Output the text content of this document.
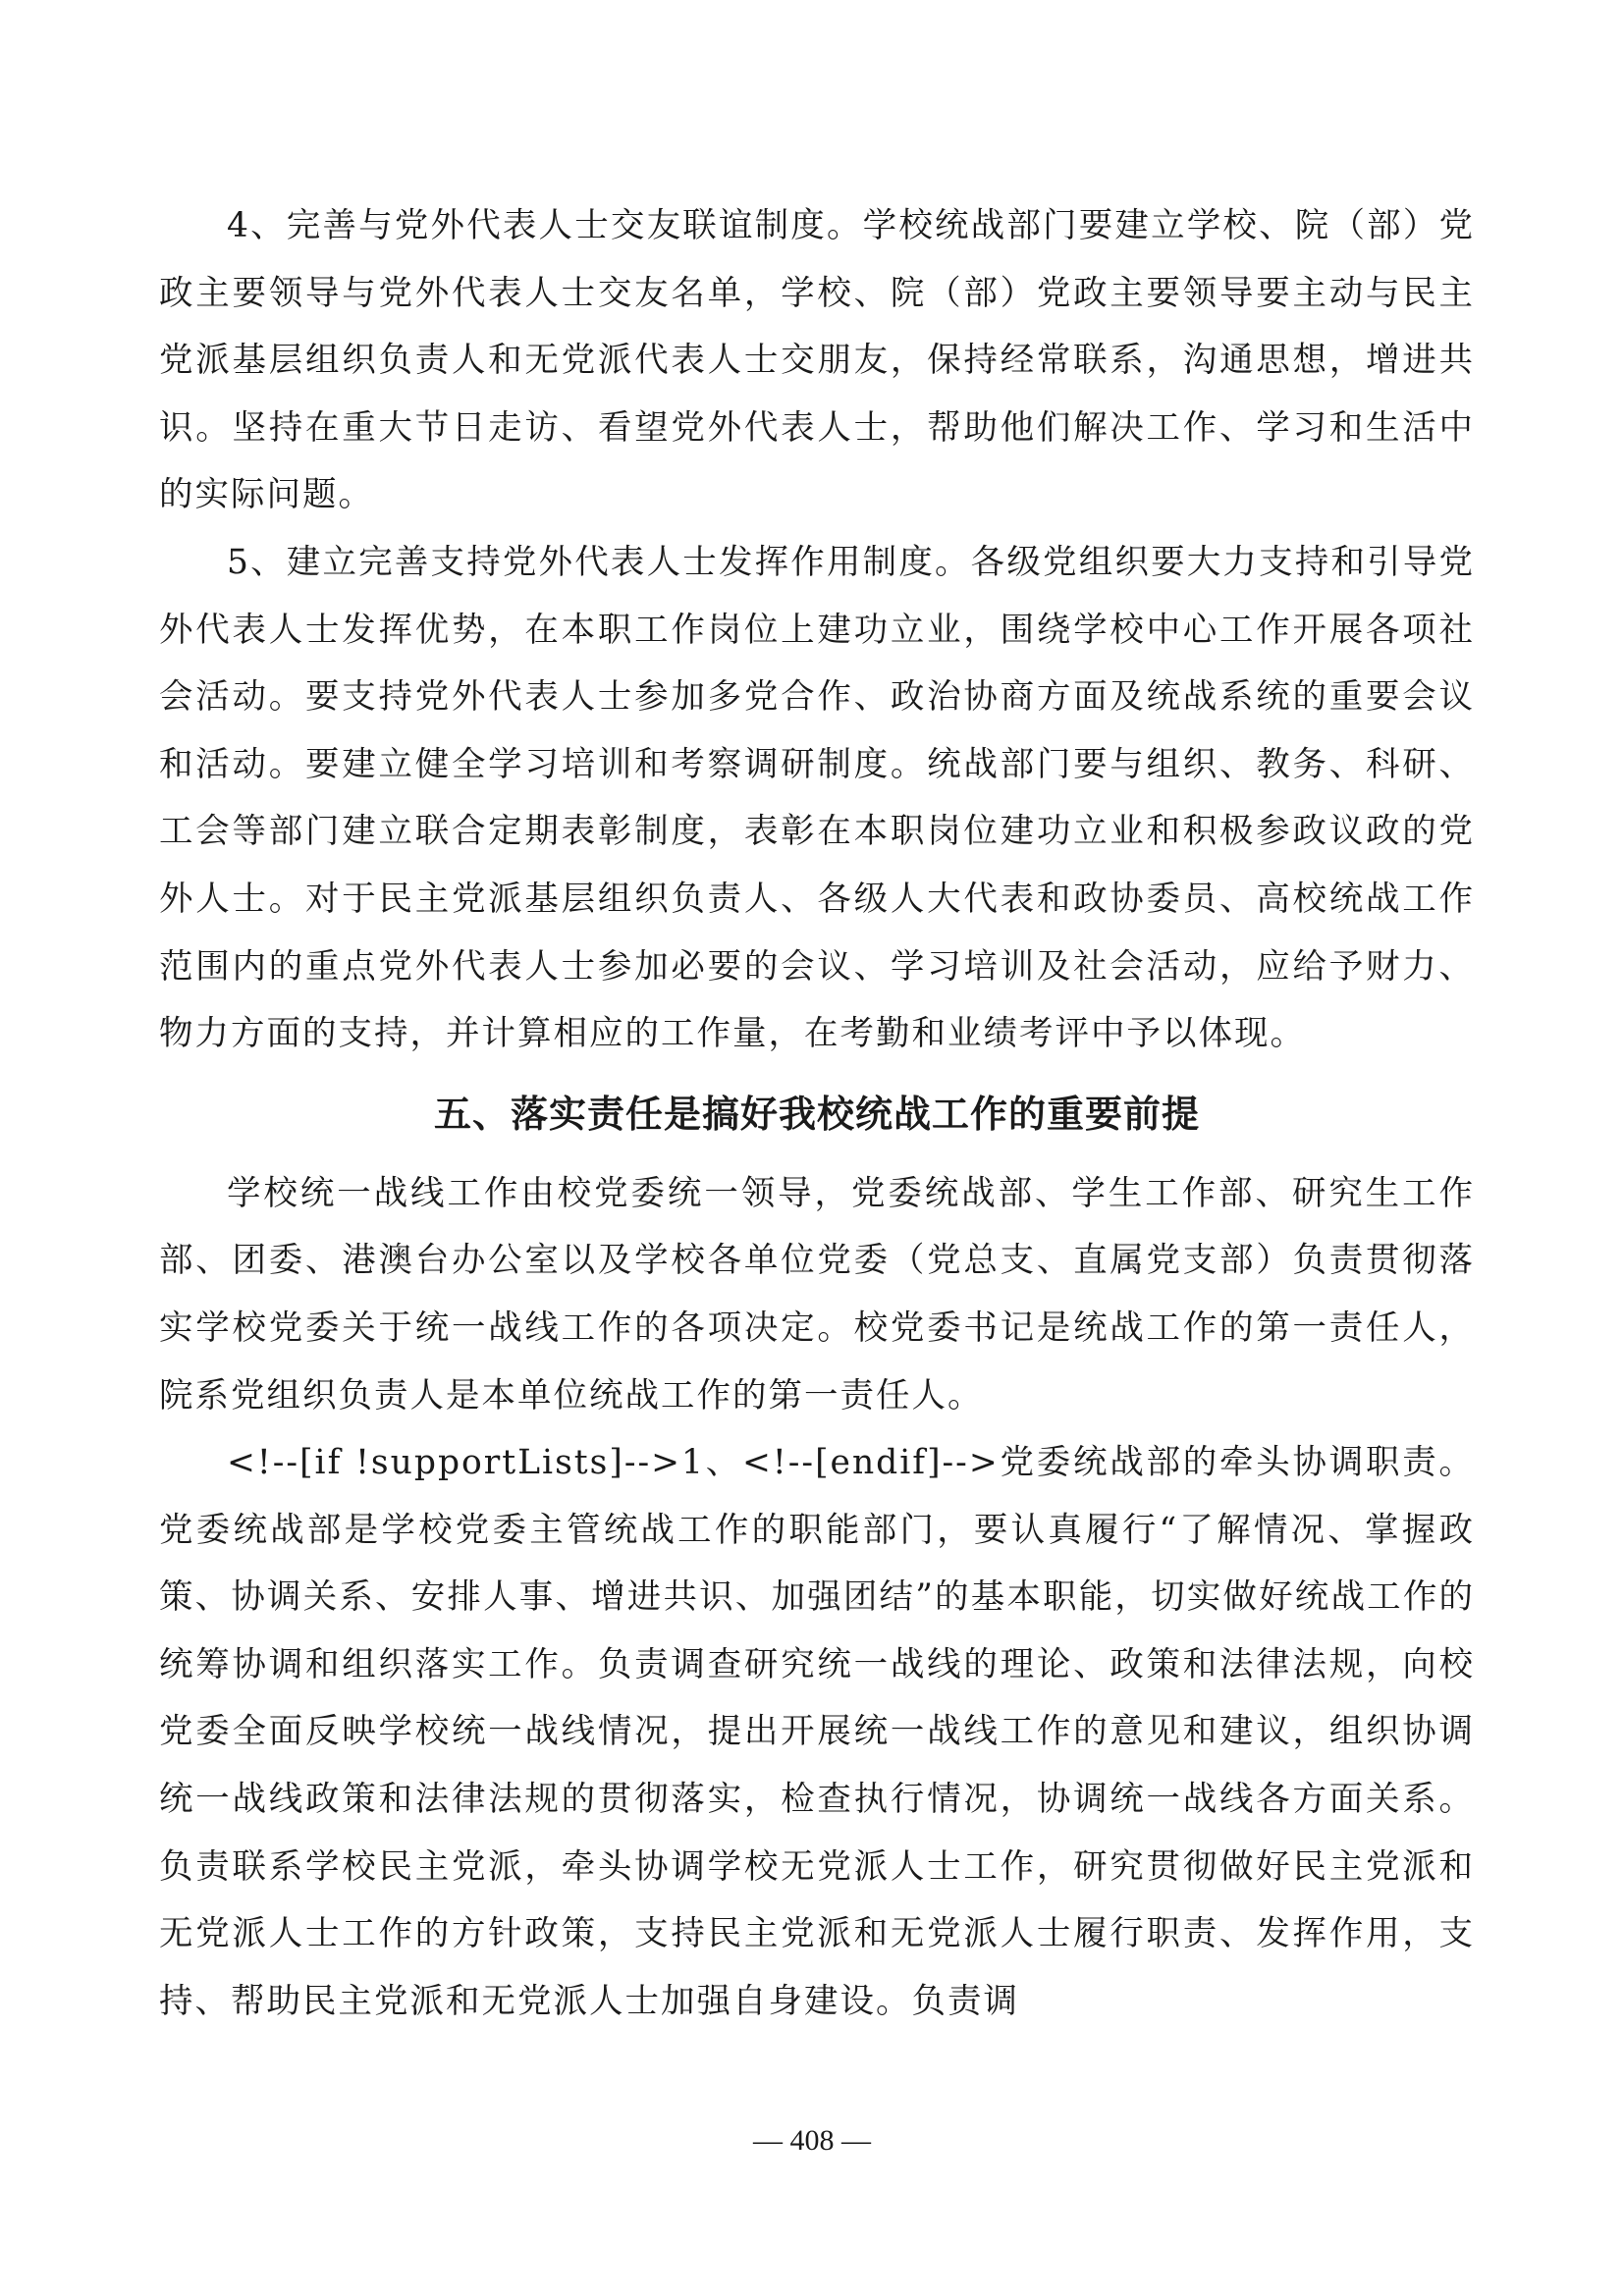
4、完善与党外代表人士交友联谊制度。学校统战部门要建立学校、院（部）党政主要领导与党外代表人士交友名单，学校、院（部）党政主要领导要主动与民主党派基层组织负责人和无党派代表人士交朋友，保持经常联系，沟通思想，增进共识。坚持在重大节日走访、看望党外代表人士，帮助他们解决工作、学习和生活中的实际问题。

5、建立完善支持党外代表人士发挥作用制度。各级党组织要大力支持和引导党外代表人士发挥优势，在本职工作岗位上建功立业，围绕学校中心工作开展各项社会活动。要支持党外代表人士参加多党合作、政治协商方面及统战系统的重要会议和活动。要建立健全学习培训和考察调研制度。统战部门要与组织、教务、科研、工会等部门建立联合定期表彰制度，表彰在本职岗位建功立业和积极参政议政的党外人士。对于民主党派基层组织负责人、各级人大代表和政协委员、高校统战工作范围内的重点党外代表人士参加必要的会议、学习培训及社会活动，应给予财力、物力方面的支持，并计算相应的工作量，在考勤和业绩考评中予以体现。

五、落实责任是搞好我校统战工作的重要前提

学校统一战线工作由校党委统一领导，党委统战部、学生工作部、研究生工作部、团委、港澳台办公室以及学校各单位党委（党总支、直属党支部）负责贯彻落实学校党委关于统一战线工作的各项决定。校党委书记是统战工作的第一责任人，院系党组织负责人是本单位统战工作的第一责任人。

<!--[if !supportLists]-->1、<!--[endif]-->党委统战部的牵头协调职责。党委统战部是学校党委主管统战工作的职能部门，要认真履行“了解情况、掌握政策、协调关系、安排人事、增进共识、加强团结”的基本职能，切实做好统战工作的统筹协调和组织落实工作。负责调查研究统一战线的理论、政策和法律法规，向校党委全面反映学校统一战线情况，提出开展统一战线工作的意见和建议，组织协调统一战线政策和法律法规的贯彻落实，检查执行情况，协调统一战线各方面关系。负责联系学校民主党派，牵头协调学校无党派人士工作，研究贯彻做好民主党派和无党派人士工作的方针政策，支持民主党派和无党派人士履行职责、发挥作用，支持、帮助民主党派和无党派人士加强自身建设。负责调

— 408 —
